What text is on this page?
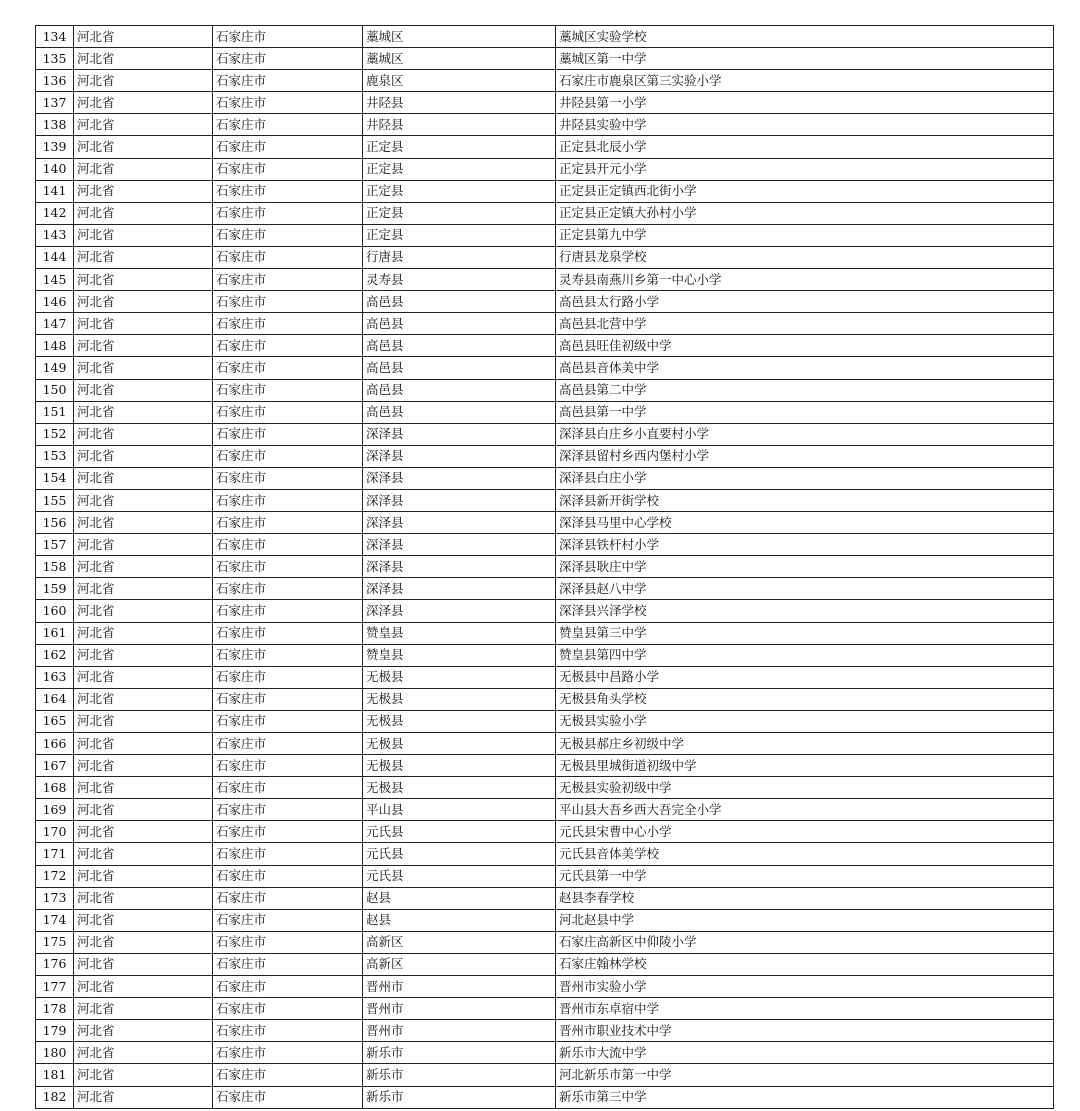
134	河北省	石家庄市	藁城区	藁城区实验学校
135	河北省	石家庄市	藁城区	藁城区第一中学
136	河北省	石家庄市	鹿泉区	石家庄市鹿泉区第三实验小学
137	河北省	石家庄市	井陉县	井陉县第一小学
138	河北省	石家庄市	井陉县	井陉县实验中学
139	河北省	石家庄市	正定县	正定县北辰小学
140	河北省	石家庄市	正定县	正定县开元小学
141	河北省	石家庄市	正定县	正定县正定镇西北街小学
142	河北省	石家庄市	正定县	正定县正定镇大孙村小学
143	河北省	石家庄市	正定县	正定县第九中学
144	河北省	石家庄市	行唐县	行唐县龙泉学校
145	河北省	石家庄市	灵寿县	灵寿县南燕川乡第一中心小学
146	河北省	石家庄市	高邑县	高邑县太行路小学
147	河北省	石家庄市	高邑县	高邑县北营中学
148	河北省	石家庄市	高邑县	高邑县旺佳初级中学
149	河北省	石家庄市	高邑县	高邑县音体美中学
150	河北省	石家庄市	高邑县	高邑县第二中学
151	河北省	石家庄市	高邑县	高邑县第一中学
152	河北省	石家庄市	深泽县	深泽县白庄乡小直要村小学
153	河北省	石家庄市	深泽县	深泽县留村乡西内堡村小学
154	河北省	石家庄市	深泽县	深泽县白庄小学
155	河北省	石家庄市	深泽县	深泽县新开街学校
156	河北省	石家庄市	深泽县	深泽县马里中心学校
157	河北省	石家庄市	深泽县	深泽县铁杆村小学
158	河北省	石家庄市	深泽县	深泽县耿庄中学
159	河北省	石家庄市	深泽县	深泽县赵八中学
160	河北省	石家庄市	深泽县	深泽县兴泽学校
161	河北省	石家庄市	赞皇县	赞皇县第三中学
162	河北省	石家庄市	赞皇县	赞皇县第四中学
163	河北省	石家庄市	无极县	无极县中昌路小学
164	河北省	石家庄市	无极县	无极县角头学校
165	河北省	石家庄市	无极县	无极县实验小学
166	河北省	石家庄市	无极县	无极县郝庄乡初级中学
167	河北省	石家庄市	无极县	无极县里城街道初级中学
168	河北省	石家庄市	无极县	无极县实验初级中学
169	河北省	石家庄市	平山县	平山县大吾乡西大吾完全小学
170	河北省	石家庄市	元氏县	元氏县宋曹中心小学
171	河北省	石家庄市	元氏县	元氏县音体美学校
172	河北省	石家庄市	元氏县	元氏县第一中学
173	河北省	石家庄市	赵县	赵县李春学校
174	河北省	石家庄市	赵县	河北赵县中学
175	河北省	石家庄市	高新区	石家庄高新区中仰陵小学
176	河北省	石家庄市	高新区	石家庄翰林学校
177	河北省	石家庄市	晋州市	晋州市实验小学
178	河北省	石家庄市	晋州市	晋州市东卓宿中学
179	河北省	石家庄市	晋州市	晋州市职业技术中学
180	河北省	石家庄市	新乐市	新乐市大流中学
181	河北省	石家庄市	新乐市	河北新乐市第一中学
182	河北省	石家庄市	新乐市	新乐市第三中学
